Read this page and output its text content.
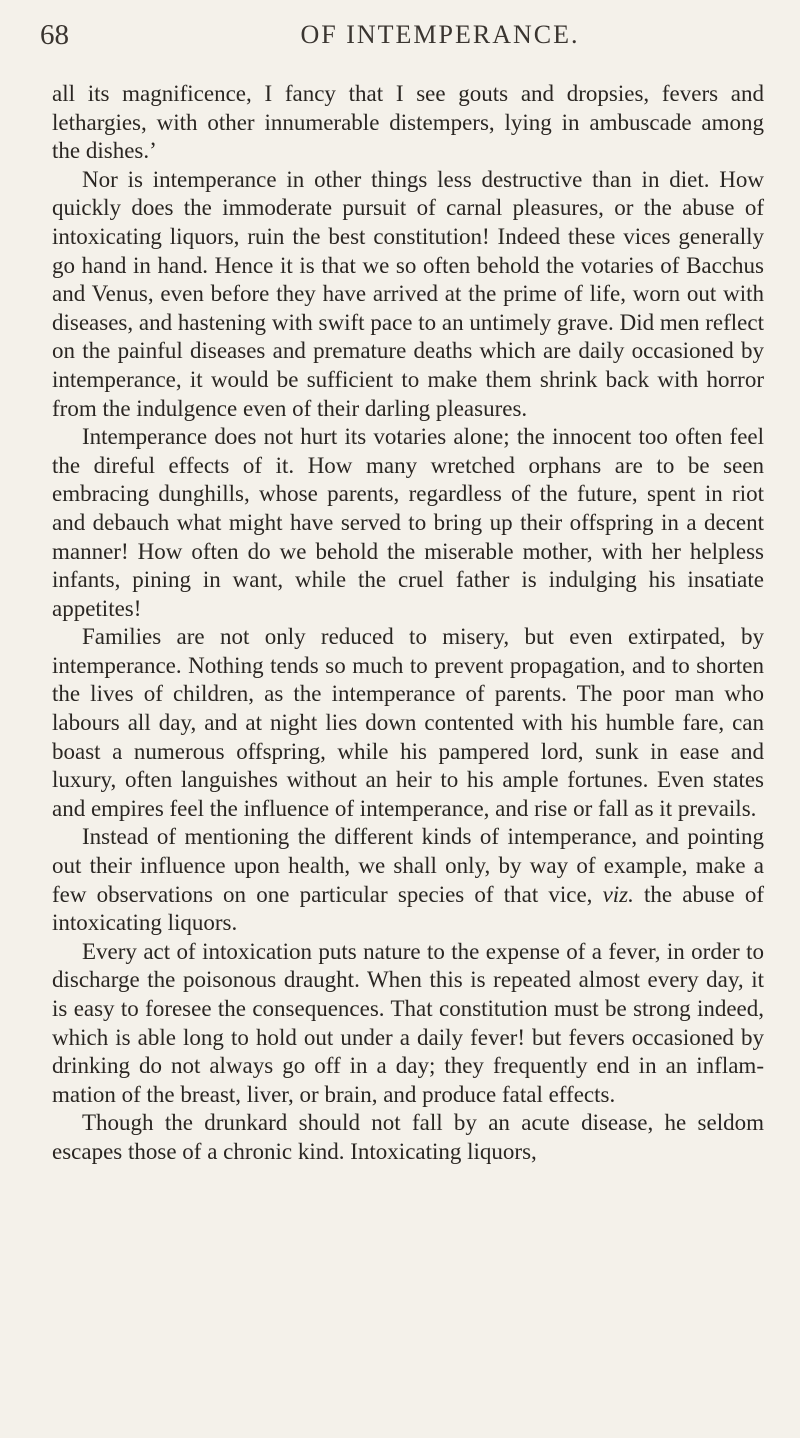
68	OF INTEMPERANCE.

all its magnificence, I fancy that I see gouts and dropsies, fevers and lethargies, with other innumerable distempers, lying in ambuscade among the dishes.’

Nor is intemperance in other things less destructive than in diet. How quickly does the immoderate pursuit of carnal pleasures, or the abuse of intoxicating liquors, ruin the best constitution! Indeed these vices generally go hand in hand. Hence it is that we so often behold the votaries of Bacchus and Venus, even before they have arrived at the prime of life, worn out with diseases, and hastening with swift pace to an untimely grave. Did men reflect on the painful diseases and premature deaths which are daily occasioned by intemperance, it would be sufficient to make them shrink back with horror from the indulgence even of their darling pleasures.

Intemperance does not hurt its votaries alone; the innocent too often feel the direful effects of it. How many wretched orphans are to be seen embracing dunghills, whose parents, regardless of the future, spent in riot and debauch what might have served to bring up their offspring in a decent manner! How often do we behold the miserable mother, with her helpless infants, pining in want, while the cruel father is indulging his insatiate appetites!

Families are not only reduced to misery, but even extirpated, by intemperance. Nothing tends so much to prevent propagation, and to shorten the lives of children, as the intemperance of parents. The poor man who labours all day, and at night lies down contented with his humble fare, can boast a numerous offspring, while his pampered lord, sunk in ease and luxury, often languishes without an heir to his ample fortunes. Even states and empires feel the influence of intemperance, and rise or fall as it prevails.

Instead of mentioning the different kinds of intemperance, and pointing out their influence upon health, we shall only, by way of example, make a few observations on one particular species of that vice, viz. the abuse of intoxicating liquors.

Every act of intoxication puts nature to the expense of a fever, in order to discharge the poisonous draught. When this is repeated almost every day, it is easy to foresee the consequences. That constitution must be strong indeed, which is able long to hold out under a daily fever! but fevers occasioned by drinking do not always go off in a day; they frequently end in an inflammation of the breast, liver, or brain, and produce fatal effects.

Though the drunkard should not fall by an acute disease, he seldom escapes those of a chronic kind. Intoxicating liquors,
